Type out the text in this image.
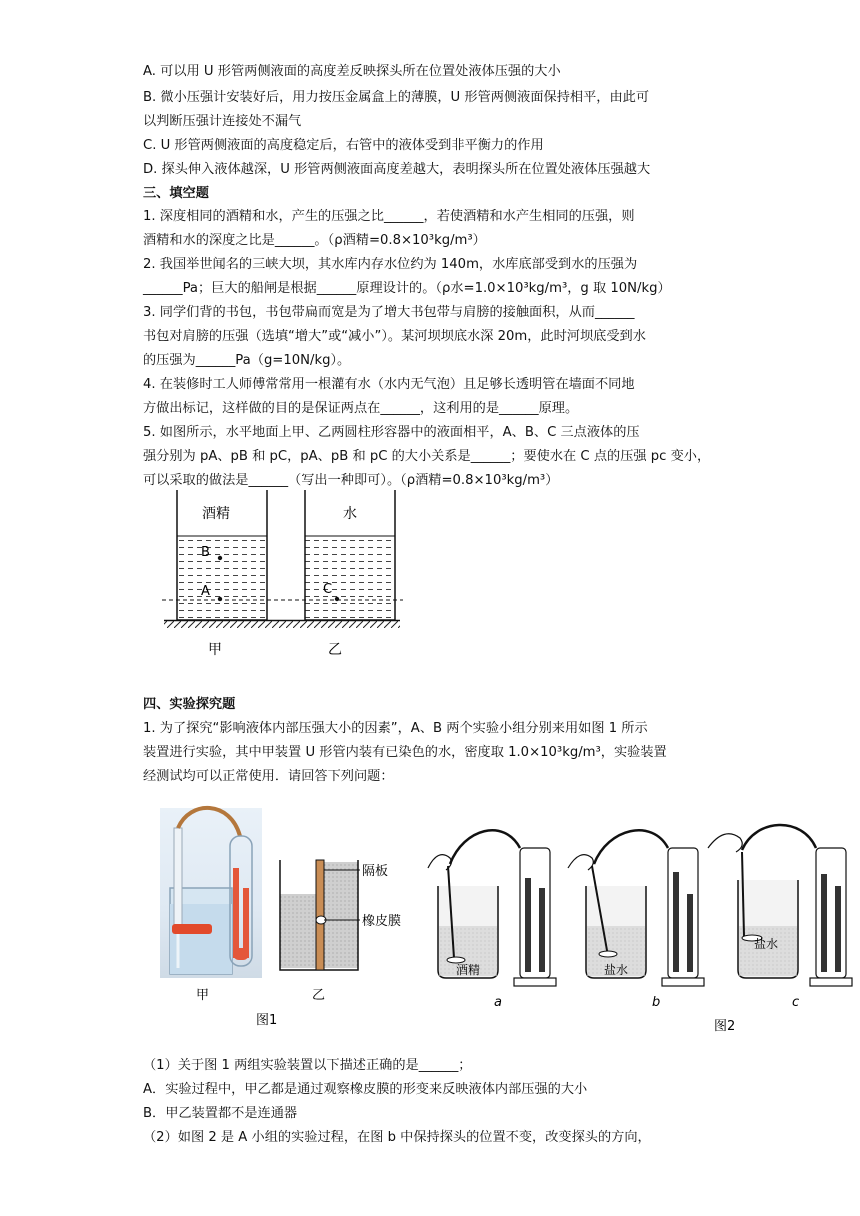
A. 可以用 U 形管两侧液面的高度差反映探头所在位置处液体压强的大小
B. 微小压强计安装好后，用力按压金属盒上的薄膜，U 形管两侧液面保持相平，由此可
以判断压强计连接处不漏气
C. U 形管两侧液面的高度稳定后，右管中的液体受到非平衡力的作用
D. 探头伸入液体越深，U 形管两侧液面高度差越大，表明探头所在位置处液体压强越大
三、填空题
1. 深度相同的酒精和水，产生的压强之比______，若使酒精和水产生相同的压强，则
酒精和水的深度之比是______。（ρ酒精=0.8×10³kg/m³）
2. 我国举世闻名的三峡大坝，其水库内存水位约为 140m，水库底部受到水的压强为
______Pa；巨大的船闸是根据______原理设计的。（ρ水=1.0×10³kg/m³，g 取 10N/kg）
3. 同学们背的书包，书包带扁而宽是为了增大书包带与肩膀的接触面积，从而______
书包对肩膀的压强（选填“增大”或“减小”）。某河坝坝底水深 20m，此时河坝底受到水
的压强为______Pa（g=10N/kg）。
4. 在装修时工人师傅常常用一根灌有水（水内无气泡）且足够长透明管在墙面不同地
方做出标记，这样做的目的是保证两点在______，这利用的是______原理。
5. 如图所示，水平地面上甲、乙两圆柱形容器中的液面相平，A、B、C 三点液体的压
强分别为 pA、pB 和 pC，pA、pB 和 pC 的大小关系是______；要使水在 C 点的压强 pc 变小，
可以采取的做法是______（写出一种即可）。（ρ酒精=0.8×10³kg/m³）
酒精	水
B
A	C
甲	乙
四、实验探究题
1. 为了探究“影响液体内部压强大小的因素”，A、B 两个实验小组分别来用如图 1 所示
装置进行实验，其中甲装置 U 形管内装有已染色的水，密度取 1.0×10³kg/m³，实验装置
经测试均可以正常使用．请回答下列问题：
隔板
橡皮膜
酒精	盐水
盐水
甲	乙
图1
a	b	c
图2
（1）关于图 1 两组实验装置以下描述正确的是______；
A．实验过程中，甲乙都是通过观察橡皮膜的形变来反映液体内部压强的大小
B．甲乙装置都不是连通器
（2）如图 2 是 A 小组的实验过程，在图 b 中保持探头的位置不变，改变探头的方向，
